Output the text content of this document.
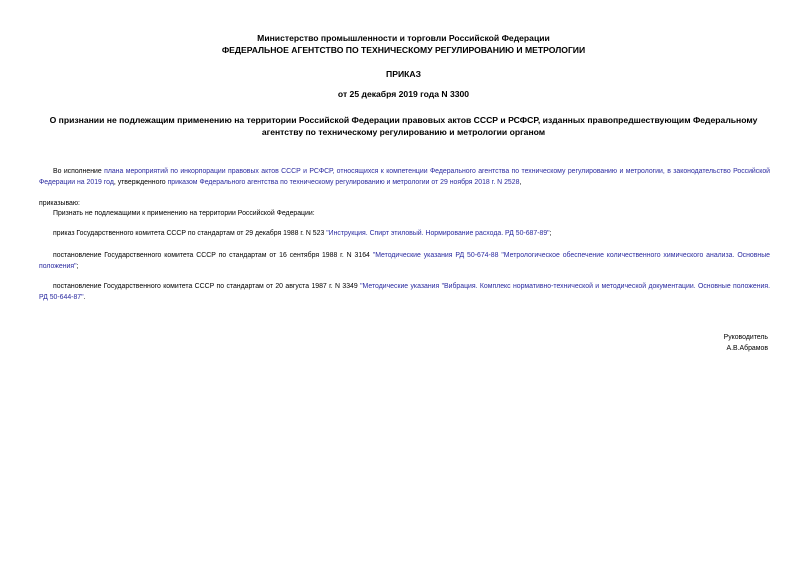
Министерство промышленности и торговли Российской Федерации
ФЕДЕРАЛЬНОЕ АГЕНТСТВО ПО ТЕХНИЧЕСКОМУ РЕГУЛИРОВАНИЮ И МЕТРОЛОГИИ
ПРИКАЗ
от 25 декабря 2019 года N 3300
О признании не подлежащим применению на территории Российской Федерации правовых актов СССР и РСФСР, изданных правопредшествующим Федеральному агентству по техническому регулированию и метрологии органом
Во исполнение плана мероприятий по инкорпорации правовых актов СССР и РСФСР, относящихся к компетенции Федерального агентства по техническому регулированию и метрологии, в законодательство Российской Федерации на 2019 год, утвержденного приказом Федерального агентства по техническому регулированию и метрологии от 29 ноября 2018 г. N 2528,
приказываю:
Признать не подлежащими к применению на территории Российской Федерации:
приказ Государственного комитета СССР по стандартам от 29 декабря 1988 г. N 523 "Инструкция. Спирт этиловый. Нормирование расхода. РД 50-687-89";
постановление Государственного комитета СССР по стандартам от 16 сентября 1988 г. N 3164 "Методические указания РД 50-674-88 "Метрологическое обеспечение количественного химического анализа. Основные положения";
постановление Государственного комитета СССР по стандартам от 20 августа 1987 г. N 3349 "Методические указания "Вибрация. Комплекс нормативно-технической и методической документации. Основные положения. РД 50-644-87".
Руководитель
А.В.Абрамов
